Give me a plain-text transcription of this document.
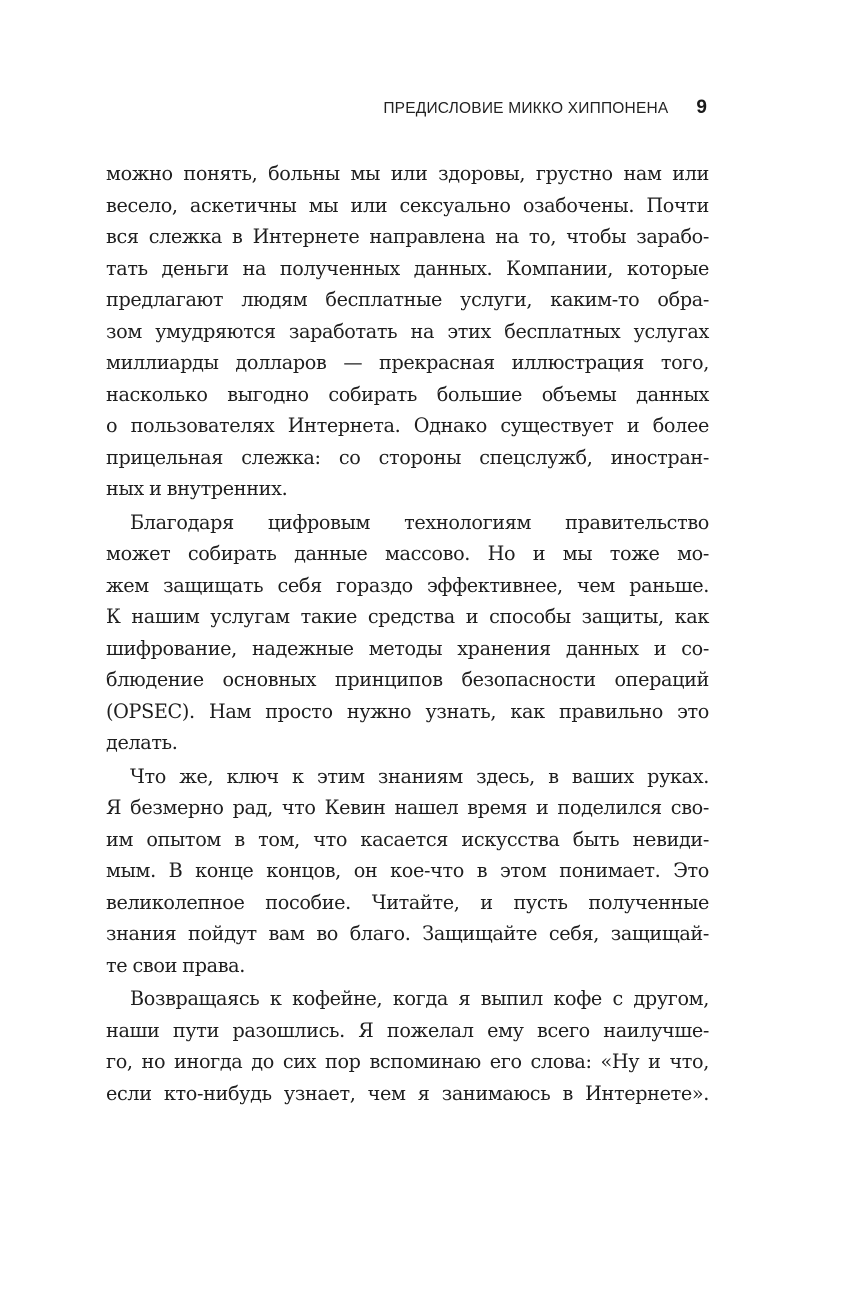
ПРЕДИСЛОВИЕ МИККО ХИППОНЕНА 9
можно понять, больны мы или здоровы, грустно нам или
весело, аскетичны мы или сексуально озабочены. Почти
вся слежка в Интернете направлена на то, чтобы зарабо-
тать деньги на полученных данных. Компании, которые
предлагают людям бесплатные услуги, каким-то обра-
зом умудряются заработать на этих бесплатных услугах
миллиарды долларов — прекрасная иллюстрация того,
насколько выгодно собирать большие объемы данных
о пользователях Интернета. Однако существует и более
прицельная слежка: со стороны спецслужб, иностран-
ных и внутренних.
Благодаря цифровым технологиям правительство
может собирать данные массово. Но и мы тоже мо-
жем защищать себя гораздо эффективнее, чем раньше.
К нашим услугам такие средства и способы защиты, как
шифрование, надежные методы хранения данных и со-
блюдение основных принципов безопасности операций
(OPSEC). Нам просто нужно узнать, как правильно это
делать.
Что же, ключ к этим знаниям здесь, в ваших руках.
Я безмерно рад, что Кевин нашел время и поделился сво-
им опытом в том, что касается искусства быть невиди-
мым. В конце концов, он кое-что в этом понимает. Это
великолепное пособие. Читайте, и пусть полученные
знания пойдут вам во благо. Защищайте себя, защищай-
те свои права.
Возвращаясь к кофейне, когда я выпил кофе с другом,
наши пути разошлись. Я пожелал ему всего наилучше-
го, но иногда до сих пор вспоминаю его слова: «Ну и что,
если кто-нибудь узнает, чем я занимаюсь в Интернете».
